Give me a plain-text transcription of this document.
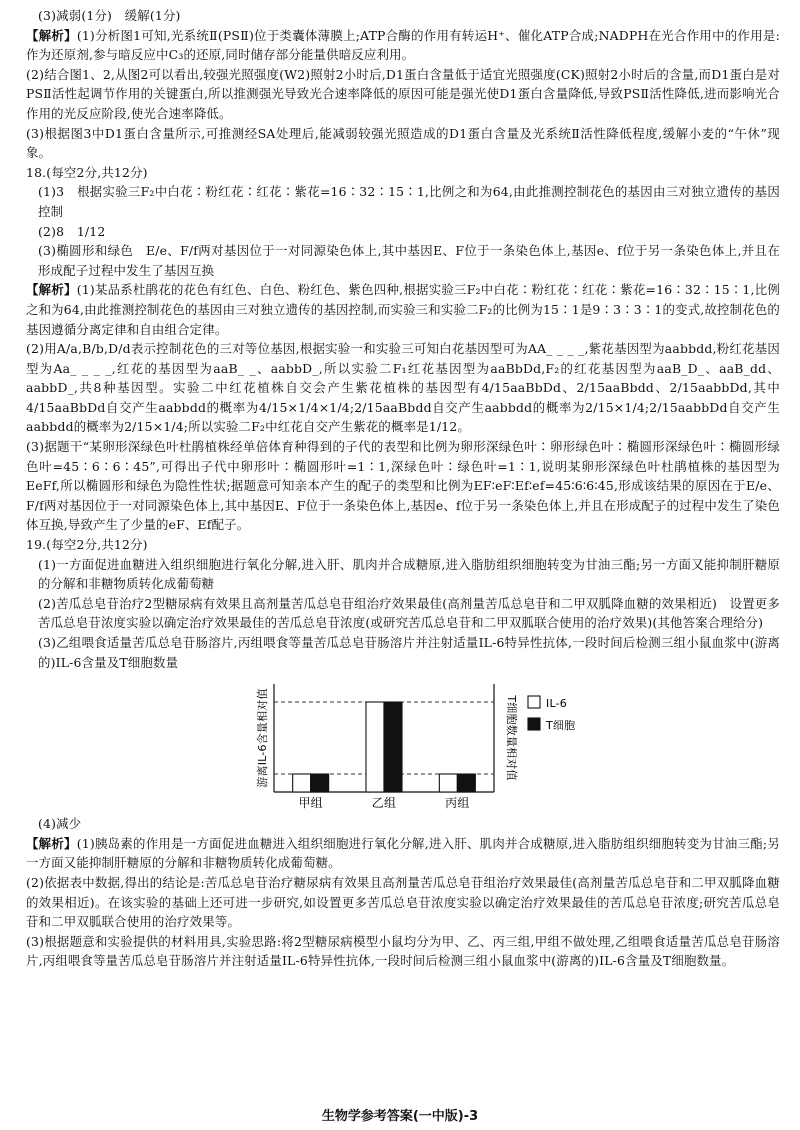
(3)减弱(1分)　缓解(1分)

【解析】(1)分析图1可知,光系统Ⅱ(PSⅡ)位于类囊体薄膜上;ATP合酶的作用有转运H⁺、催化ATP合成;NADPH在光合作用中的作用是:作为还原剂,参与暗反应中C₃的还原,同时储存部分能量供暗反应利用。

(2)结合图1、2,从图2可以看出,较强光照强度(W2)照射2小时后,D1蛋白含量低于适宜光照强度(CK)照射2小时后的含量,而D1蛋白是对PSⅡ活性起调节作用的关键蛋白,所以推测强光导致光合速率降低的原因可能是强光使D1蛋白含量降低,导致PSⅡ活性降低,进而影响光合作用的光反应阶段,使光合速率降低。

(3)根据图3中D1蛋白含量所示,可推测经SA处理后,能减弱较强光照造成的D1蛋白含量及光系统Ⅱ活性降低程度,缓解小麦的“午休”现象。

18.(每空2分,共12分)

(1)3　根据实验三F₂中白花∶粉红花∶红花∶紫花=16∶32∶15∶1,比例之和为64,由此推测控制花色的基因由三对独立遗传的基因控制

(2)8　1/12

(3)椭圆形和绿色　E/e、F/f两对基因位于一对同源染色体上,其中基因E、F位于一条染色体上,基因e、f位于另一条染色体上,并且在形成配子过程中发生了基因互换

【解析】(1)某品系杜鹃花的花色有红色、白色、粉红色、紫色四种,根据实验三F₂中白花∶粉红花∶红花∶紫花=16∶32∶15∶1,比例之和为64,由此推测控制花色的基因由三对独立遗传的基因控制,而实验三和实验二F₂的比例为15∶1是9∶3∶3∶1的变式,故控制花色的基因遵循分离定律和自由组合定律。

(2)用A/a,B/b,D/d表示控制花色的三对等位基因,根据实验一和实验三可知白花基因型可为AA_ _ _ _,紫花基因型为aabbdd,粉红花基因型为Aa_ _ _ _,红花的基因型为aaB_ _、aabbD_,所以实验二F₁红花基因型为aaBbDd,F₂的红花基因型为aaB_D_、aaB_dd、aabbD_,共8种基因型。实验二中红花植株自交会产生紫花植株的基因型有4/15aaBbDd、2/15aaBbdd、2/15aabbDd,其中4/15aaBbDd自交产生aabbdd的概率为4/15×1/4×1/4;2/15aaBbdd自交产生aabbdd的概率为2/15×1/4;2/15aabbDd自交产生aabbdd的概率为2/15×1/4;所以实验二F₂中红花自交产生紫花的概率是1/12。

(3)据题干“某卵形深绿色叶杜鹃植株经单倍体育种得到的子代的表型和比例为卵形深绿色叶∶卵形绿色叶∶椭圆形深绿色叶∶椭圆形绿色叶=45∶6∶6∶45”,可得出子代中卵形叶∶椭圆形叶=1∶1,深绿色叶∶绿色叶=1∶1,说明某卵形深绿色叶杜鹃植株的基因型为EeFf,所以椭圆形和绿色为隐性性状;据题意可知亲本产生的配子的类型和比例为EF∶eF∶Ef∶ef=45∶6∶6∶45,形成该结果的原因在于E/e、F/f两对基因位于一对同源染色体上,其中基因E、F位于一条染色体上,基因e、f位于另一条染色体上,并且在形成配子的过程中发生了染色体互换,导致产生了少量的eF、Ef配子。

19.(每空2分,共12分)

(1)一方面促进血糖进入组织细胞进行氧化分解,进入肝、肌肉并合成糖原,进入脂肪组织细胞转变为甘油三酯;另一方面又能抑制肝糖原的分解和非糖物质转化成葡萄糖

(2)苦瓜总皂苷治疗2型糖尿病有效果且高剂量苦瓜总皂苷组治疗效果最佳(高剂量苦瓜总皂苷和二甲双胍降血糖的效果相近)　设置更多苦瓜总皂苷浓度实验以确定治疗效果最佳的苦瓜总皂苷浓度(或研究苦瓜总皂苷和二甲双胍联合使用的治疗效果)(其他答案合理给分)

(3)乙组喂食适量苦瓜总皂苷肠溶片,丙组喂食等量苦瓜总皂苷肠溶片并注射适量IL-6特异性抗体,一段时间后检测三组小鼠血浆中(游离的)IL-6含量及T细胞数量

游离IL-6含量相对值	T细胞数量相对值
甲组	乙组	丙组
IL-6
T细胞

(4)减少

【解析】(1)胰岛素的作用是一方面促进血糖进入组织细胞进行氧化分解,进入肝、肌肉并合成糖原,进入脂肪组织细胞转变为甘油三酯;另一方面又能抑制肝糖原的分解和非糖物质转化成葡萄糖。

(2)依据表中数据,得出的结论是:苦瓜总皂苷治疗糖尿病有效果且高剂量苦瓜总皂苷组治疗效果最佳(高剂量苦瓜总皂苷和二甲双胍降血糖的效果相近)。在该实验的基础上还可进一步研究,如设置更多苦瓜总皂苷浓度实验以确定治疗效果最佳的苦瓜总皂苷浓度;研究苦瓜总皂苷和二甲双胍联合使用的治疗效果等。

(3)根据题意和实验提供的材料用具,实验思路:将2型糖尿病模型小鼠均分为甲、乙、丙三组,甲组不做处理,乙组喂食适量苦瓜总皂苷肠溶片,丙组喂食等量苦瓜总皂苷肠溶片并注射适量IL-6特异性抗体,一段时间后检测三组小鼠血浆中(游离的)IL-6含量及T细胞数量。

生物学参考答案(一中版)-3
